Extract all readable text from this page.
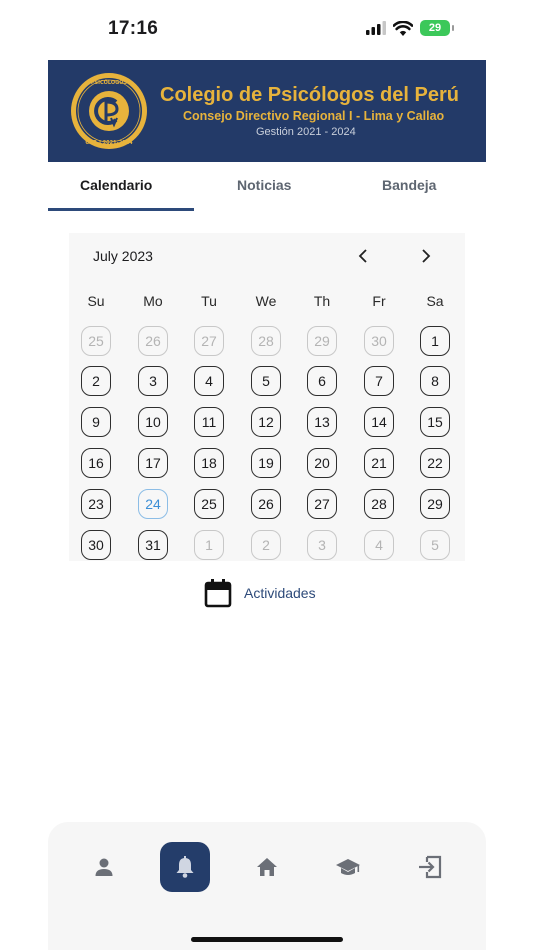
17:16	29
· PSICÓLOGOS ·
CDR-I 2021-2024
Colegio de Psicólogos del Perú
Consejo Directivo Regional I - Lima y Callao
Gestión 2021 - 2024
Calendario	Noticias	Bandeja
July 2023
Su	Mo	Tu	We	Th	Fr	Sa
25	26	27	28	29	30	1
2	3	4	5	6	7	8
9	10	11	12	13	14	15
16	17	18	19	20	21	22
23	24	25	26	27	28	29
30	31	1	2	3	4	5
Actividades
